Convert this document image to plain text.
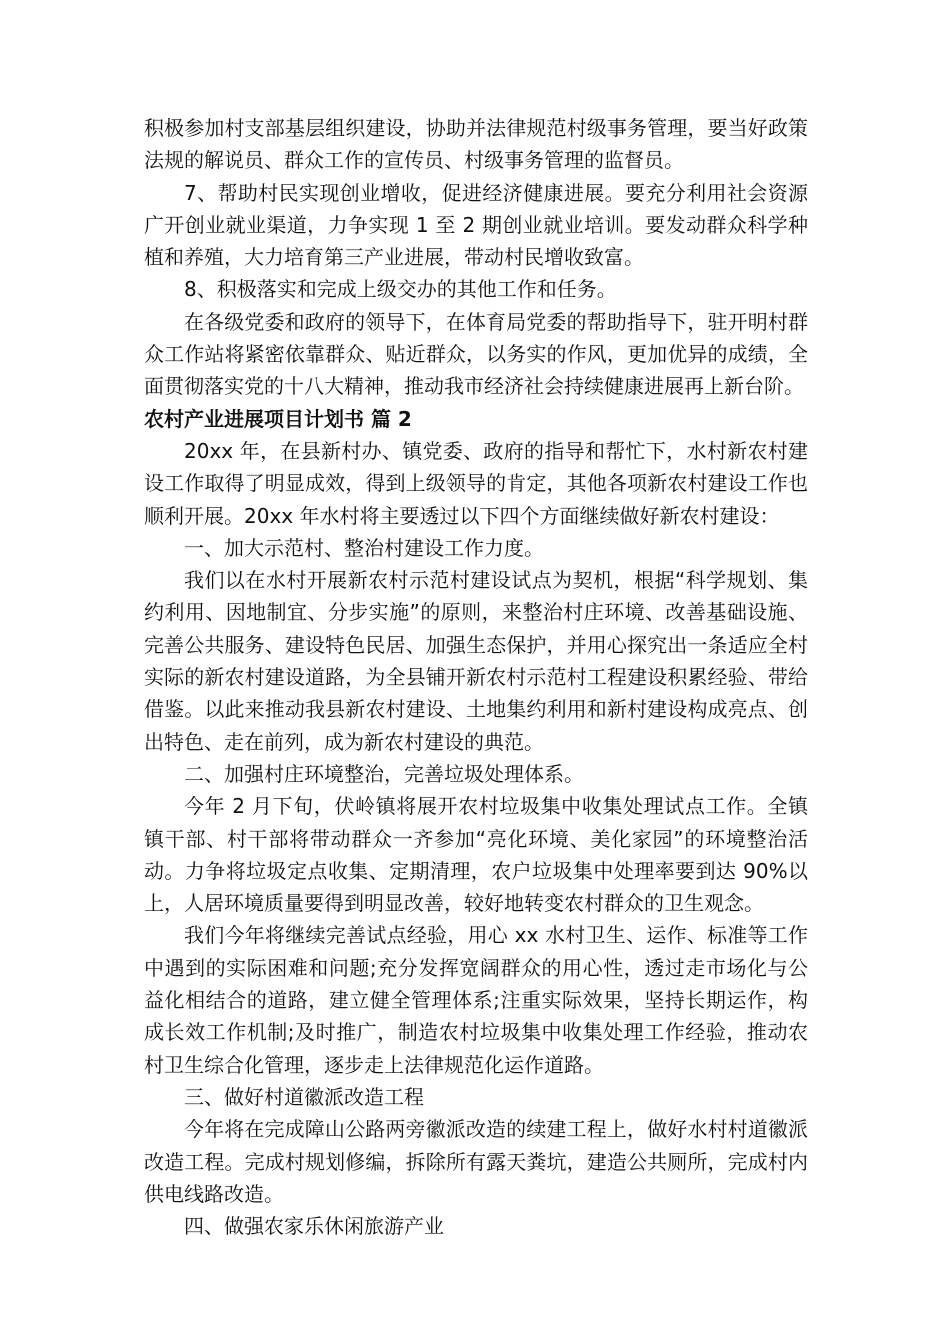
积极参加村支部基层组织建设，协助并法律规范村级事务管理，要当好政策法规的解说员、群众工作的宣传员、村级事务管理的监督员。

7、帮助村民实现创业增收，促进经济健康进展。要充分利用社会资源广开创业就业渠道，力争实现 1 至 2 期创业就业培训。要发动群众科学种植和养殖，大力培育第三产业进展，带动村民增收致富。

8、积极落实和完成上级交办的其他工作和任务。

在各级党委和政府的领导下，在体育局党委的帮助指导下，驻开明村群众工作站将紧密依靠群众、贴近群众，以务实的作风，更加优异的成绩，全面贯彻落实党的十八大精神，推动我市经济社会持续健康进展再上新台阶。

农村产业进展项目计划书 篇 2

20xx 年，在县新村办、镇党委、政府的指导和帮忙下，水村新农村建设工作取得了明显成效，得到上级领导的肯定，其他各项新农村建设工作也顺利开展。20xx 年水村将主要透过以下四个方面继续做好新农村建设：

一、加大示范村、整治村建设工作力度。

我们以在水村开展新农村示范村建设试点为契机，根据“科学规划、集约利用、因地制宜、分步实施”的原则，来整治村庄环境、改善基础设施、完善公共服务、建设特色民居、加强生态保护，并用心探究出一条适应全村实际的新农村建设道路，为全县铺开新农村示范村工程建设积累经验、带给借鉴。以此来推动我县新农村建设、土地集约利用和新村建设构成亮点、创出特色、走在前列，成为新农村建设的典范。

二、加强村庄环境整治，完善垃圾处理体系。

今年 2 月下旬，伏岭镇将展开农村垃圾集中收集处理试点工作。全镇镇干部、村干部将带动群众一齐参加“亮化环境、美化家园”的环境整治活动。力争将垃圾定点收集、定期清理，农户垃圾集中处理率要到达 90%以上，人居环境质量要得到明显改善，较好地转变农村群众的卫生观念。

我们今年将继续完善试点经验，用心 xx 水村卫生、运作、标准等工作中遇到的实际困难和问题;充分发挥宽阔群众的用心性，透过走市场化与公益化相结合的道路，建立健全管理体系;注重实际效果，坚持长期运作，构成长效工作机制;及时推广，制造农村垃圾集中收集处理工作经验，推动农村卫生综合化管理，逐步走上法律规范化运作道路。

三、做好村道徽派改造工程

今年将在完成障山公路两旁徽派改造的续建工程上，做好水村村道徽派改造工程。完成村规划修编，拆除所有露天粪坑，建造公共厕所，完成村内供电线路改造。

四、做强农家乐休闲旅游产业
